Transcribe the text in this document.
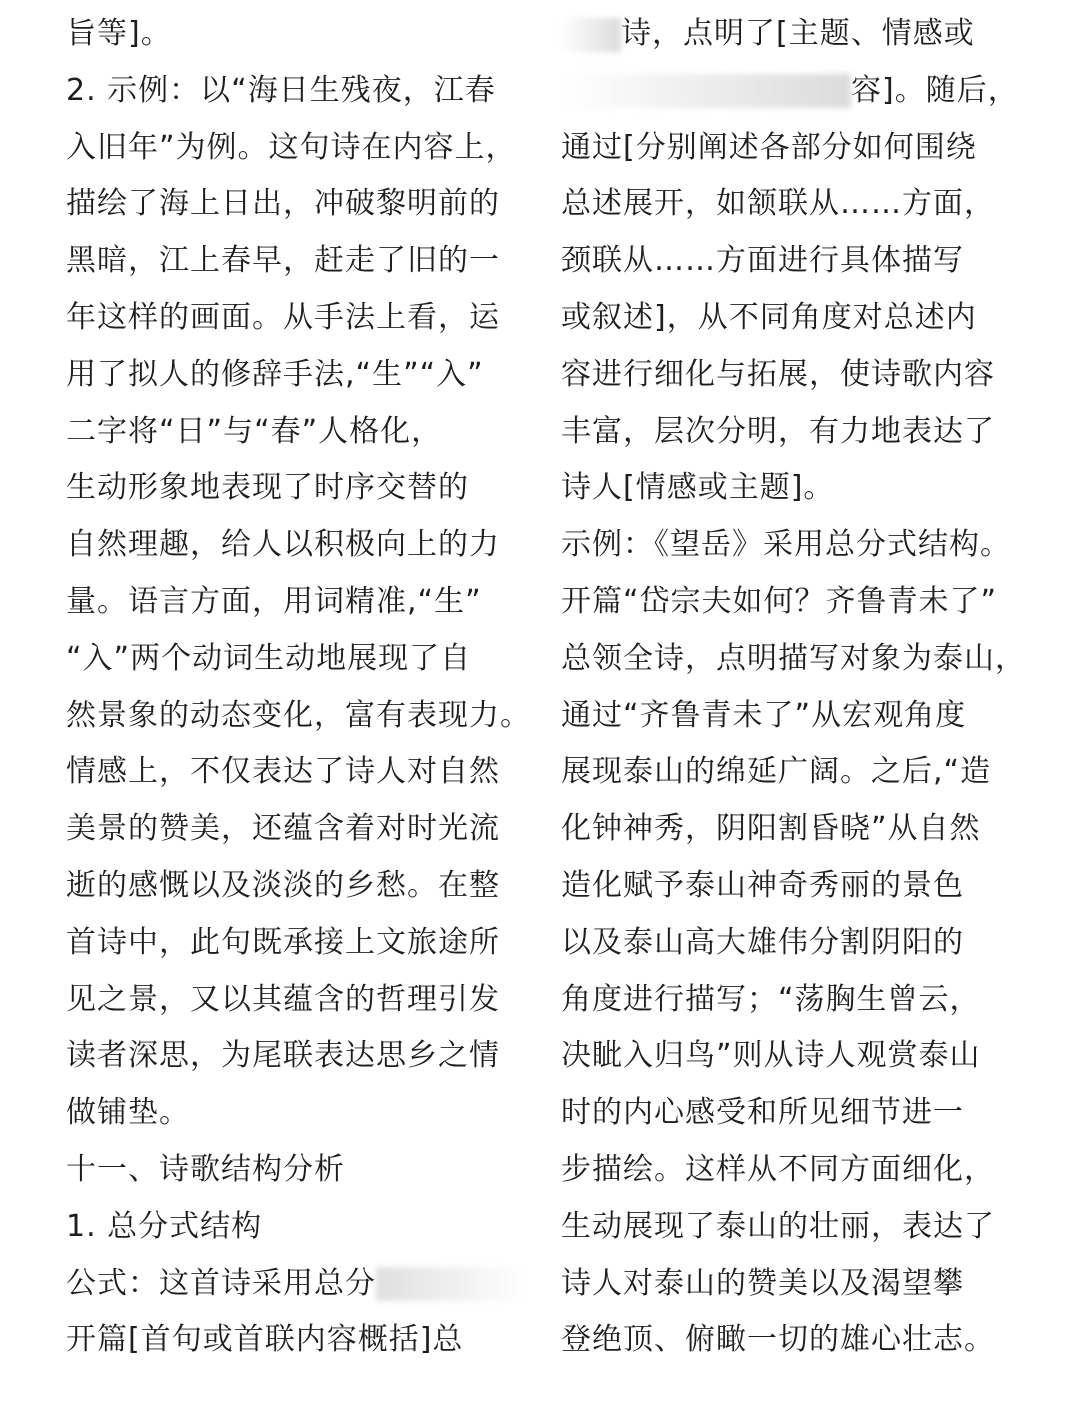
旨等]。
2. 示例：以“海日生残夜，江春
入旧年”为例。这句诗在内容上，
描绘了海上日出，冲破黎明前的
黑暗，江上春早，赶走了旧的一
年这样的画面。从手法上看，运
用了拟人的修辞手法,“生”“入”
二字将“日”与“春”人格化，
生动形象地表现了时序交替的
自然理趣，给人以积极向上的力
量。语言方面，用词精准,“生”
“入”两个动词生动地展现了自
然景象的动态变化，富有表现力。
情感上，不仅表达了诗人对自然
美景的赞美，还蕴含着对时光流
逝的感慨以及淡淡的乡愁。在整
首诗中，此句既承接上文旅途所
见之景，又以其蕴含的哲理引发
读者深思，为尾联表达思乡之情
做铺垫。
十一、诗歌结构分析
1. 总分式结构
公式：这首诗采用总分
开篇[首句或首联内容概括]总
诗，点明了[主题、情感或
容]。随后，
通过[分别阐述各部分如何围绕
总述展开，如颔联从……方面，
颈联从……方面进行具体描写
或叙述]，从不同角度对总述内
容进行细化与拓展，使诗歌内容
丰富，层次分明，有力地表达了
诗人[情感或主题]。
示例：《望岳》采用总分式结构。
开篇“岱宗夫如何？齐鲁青未了”
总领全诗，点明描写对象为泰山，
通过“齐鲁青未了”从宏观角度
展现泰山的绵延广阔。之后,“造
化钟神秀，阴阳割昏晓”从自然
造化赋予泰山神奇秀丽的景色
以及泰山高大雄伟分割阴阳的
角度进行描写；“荡胸生曾云，
决眦入归鸟”则从诗人观赏泰山
时的内心感受和所见细节进一
步描绘。这样从不同方面细化，
生动展现了泰山的壮丽，表达了
诗人对泰山的赞美以及渴望攀
登绝顶、俯瞰一切的雄心壮志。
